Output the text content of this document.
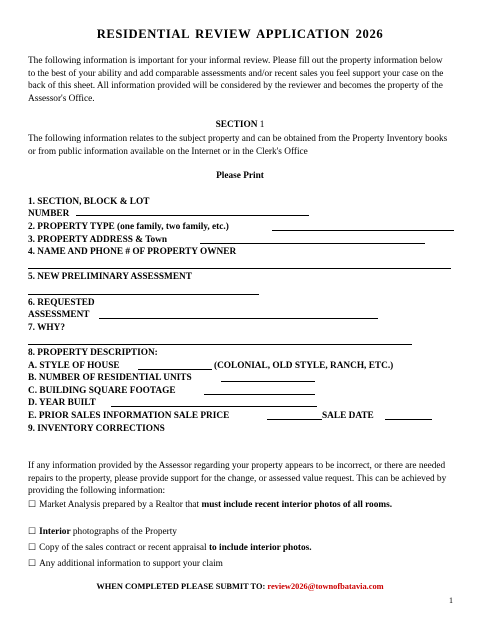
RESIDENTIAL REVIEW APPLICATION 2026
The following information is important for your informal review. Please fill out the property information below to the best of your ability and add comparable assessments and/or recent sales you feel support your case on the back of this sheet. All information provided will be considered by the reviewer and becomes the property of the Assessor's Office.
SECTION 1
The following information relates to the subject property and can be obtained from the Property Inventory books or from public information available on the Internet or in the Clerk's Office
Please Print
1. SECTION, BLOCK & LOT
NUMBER
2. PROPERTY TYPE (one family, two family, etc.)
3. PROPERTY ADDRESS & Town
4. NAME AND PHONE # OF PROPERTY OWNER
5. NEW PRELIMINARY ASSESSMENT
6. REQUESTED
ASSESSMENT
7. WHY?
8. PROPERTY DESCRIPTION:
A. STYLE OF HOUSE	(COLONIAL, OLD STYLE, RANCH, ETC.)
B. NUMBER OF RESIDENTIAL UNITS
C. BUILDING SQUARE FOOTAGE
D. YEAR BUILT
E. PRIOR SALES INFORMATION SALE PRICE	SALE DATE
9. INVENTORY CORRECTIONS
If any information provided by the Assessor regarding your property appears to be incorrect, or there are needed repairs to the property, please provide support for the change, or assessed value request. This can be achieved by providing the following information:
☐ Market Analysis prepared by a Realtor that must include recent interior photos of all rooms.
☐ Interior photographs of the Property
☐ Copy of the sales contract or recent appraisal to include interior photos.
☐ Any additional information to support your claim
WHEN COMPLETED PLEASE SUBMIT TO: review2026@townofbatavia.com
1
